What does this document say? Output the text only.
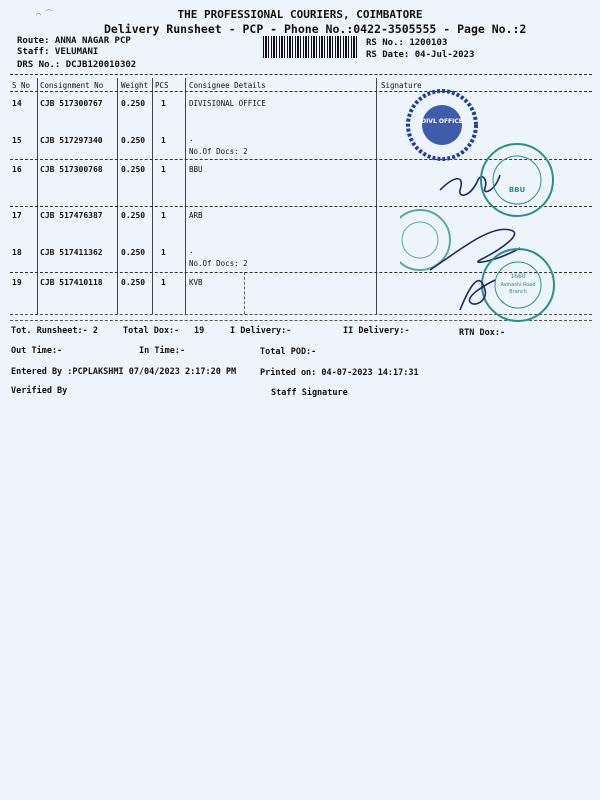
⌒ ⁀	THE PROFESSIONAL COURIERS, COIMBATORE
Delivery Runsheet - PCP - Phone No.:0422-3505555 - Page No.:2
Route: ANNA NAGAR PCP
Staff: VELUMANI
DRS No.: DCJB120010302
RS No.: 1200103
RS Date: 04-Jul-2023
S No Consignment No Weight PCS	Consignee Details	Signature
14 CJB 517300767 0.250 1	DIVISIONAL OFFICE
15 CJB 517297340 0.250 1	.
No.Of Docs: 2
16 CJB 517300768 0.250 1	BBU
17 CJB 517476387 0.250 1	ARB
18 CJB 517411362 0.250 1	.
No.Of Docs: 2
19 CJB 517410118 0.250 1	KVB
DIVL OFFICE
BBU
1660
Avinashi Road
Branch
Tot. Runsheet:- 2	Total Dox:- 19	I Delivery:-	II Delivery:-	RTN Dox:-
Out Time:-	In Time:-	Total POD:-
Entered By :PCPLAKSHMI 07/04/2023 2:17:20 PM	Printed on: 04-07-2023 14:17:31
Verified By	Staff Signature
